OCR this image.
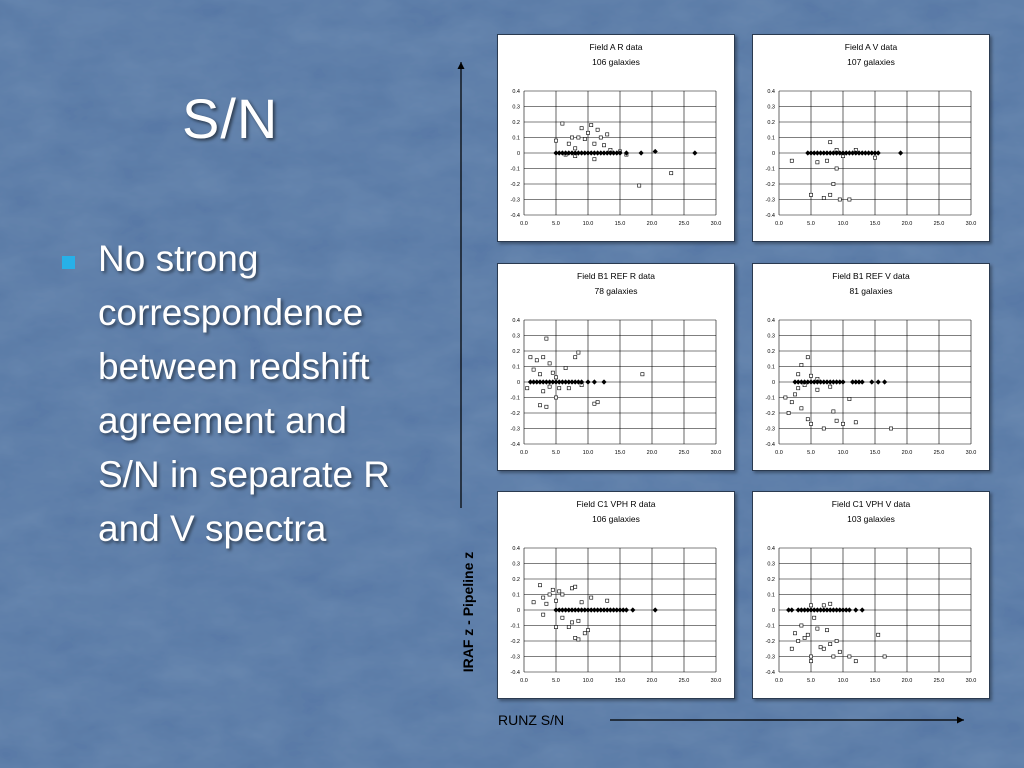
S/N
No strong
correspondence
between redshift
agreement and
S/N in separate R
and V spectra
Field A R data
106 galaxies
0.4
0.3
0.2
0.1
0
-0.1
-0.2
-0.3
-0.4
0.0	5.0	10.0	15.0	20.0	25.0	30.0
Field A V data
107 galaxies
0.4
0.3
0.2
0.1
0
-0.1
-0.2
-0.3
-0.4
0.0	5.0	10.0	15.0	20.0	25.0	30.0
Field B1 REF R data
78 galaxies
0.4
0.3
0.2
0.1
0
-0.1
-0.2
-0.3
-0.4
0.0	5.0	10.0	15.0	20.0	25.0	30.0
Field B1 REF V data
81 galaxies
0.4
0.3
0.2
0.1
0
-0.1
-0.2
-0.3
-0.4
0.0	5.0	10.0	15.0	20.0	25.0	30.0
Field C1 VPH R data
106 galaxies
0.4
0.3
0.2
0.1
0
-0.1
-0.2
-0.3
-0.4
0.0	5.0	10.0	15.0	20.0	25.0	30.0
Field C1 VPH V data
103 galaxies
0.4
0.3
0.2
0.1
0
-0.1
-0.2
-0.3
-0.4
0.0	5.0	10.0	15.0	20.0	25.0	30.0
IRAF z - Pipeline z
RUNZ S/N
